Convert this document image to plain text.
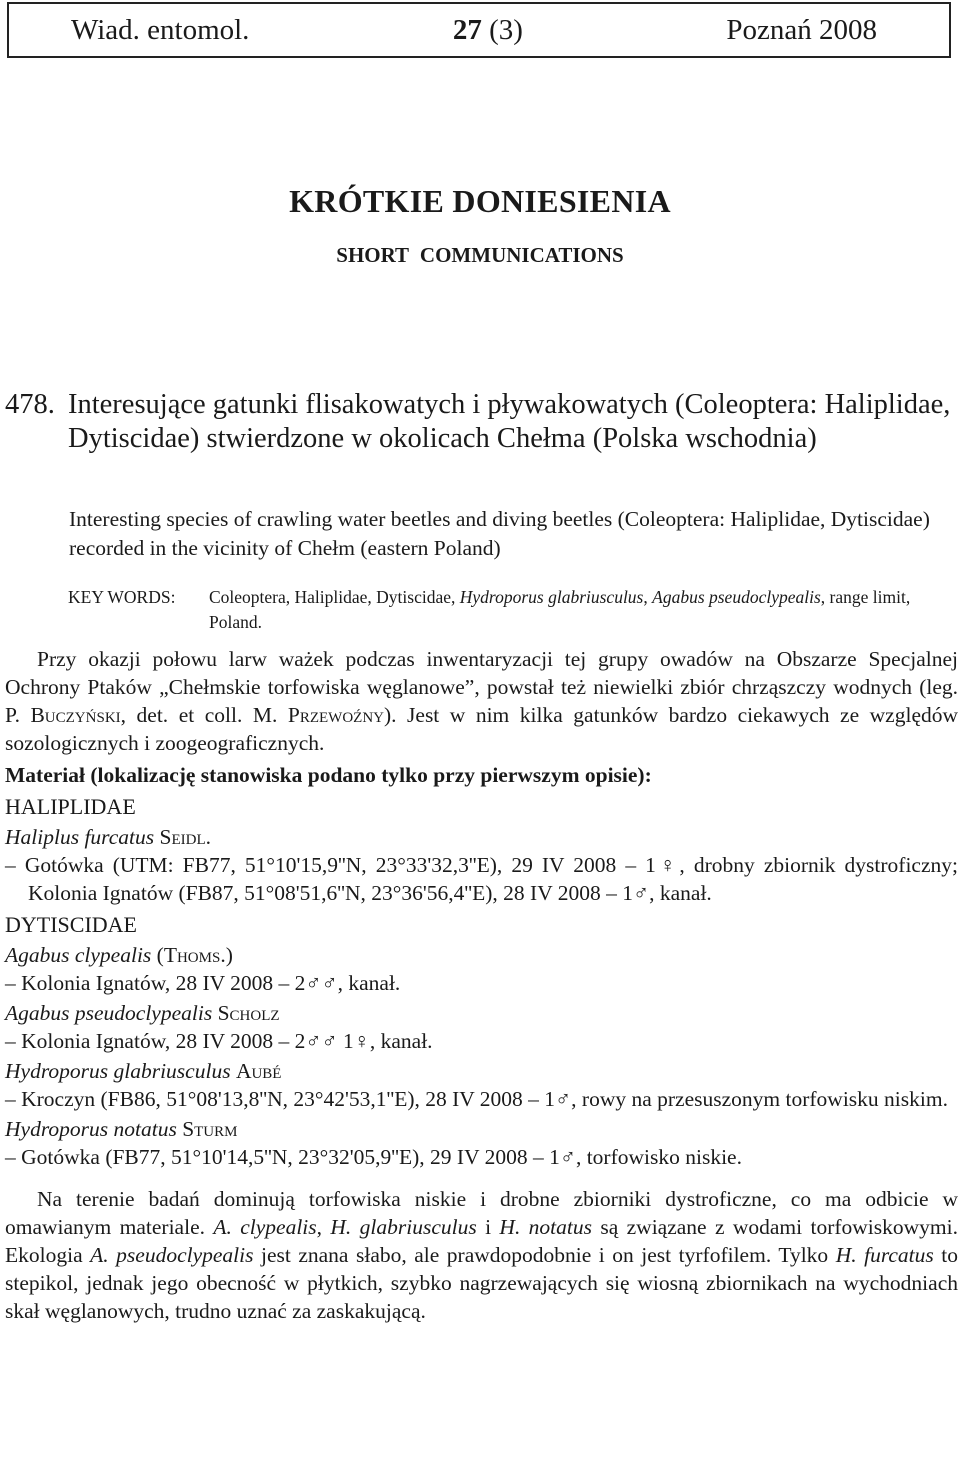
Wiad. entomol.	27 (3)	Poznań 2008
KRÓTKIE DONIESIENIA
SHORT COMMUNICATIONS
478. Interesujące gatunki flisakowatych i pływakowatych (Coleoptera: Haliplidae, Dytiscidae) stwierdzone w okolicach Chełma (Polska wschodnia)
Interesting species of crawling water beetles and diving beetles (Coleoptera: Haliplidae, Dytiscidae) recorded in the vicinity of Chełm (eastern Poland)
KEY WORDS: Coleoptera, Haliplidae, Dytiscidae, Hydroporus glabriusculus, Agabus pseudoclypealis, range limit, Poland.

Przy okazji połowu larw ważek podczas inwentaryzacji tej grupy owadów na Obszarze Specjalnej Ochrony Ptaków „Chełmskie torfowiska węglanowe”, powstał też niewielki zbiór chrząszczy wodnych (leg. P. Buczyński, det. et coll. M. Przewoźny). Jest w nim kilka gatunków bardzo ciekawych ze względów sozologicznych i zoogeograficznych.

Materiał (lokalizację stanowiska podano tylko przy pierwszym opisie):

HALIPLIDAE

Haliplus furcatus Seidl.

– Gotówka (UTM: FB77, 51°10'15,9''N, 23°33'32,3''E), 29 IV 2008 – 1♀, drobny zbiornik dystroficzny; Kolonia Ignatów (FB87, 51°08'51,6''N, 23°36'56,4''E), 28 IV 2008 – 1♂, kanał.

DYTISCIDAE

Agabus clypealis (Thoms.)

– Kolonia Ignatów, 28 IV 2008 – 2♂♂, kanał.

Agabus pseudoclypealis Scholz

– Kolonia Ignatów, 28 IV 2008 – 2♂♂ 1♀, kanał.

Hydroporus glabriusculus Aubé

– Kroczyn (FB86, 51°08'13,8''N, 23°42'53,1''E), 28 IV 2008 – 1♂, rowy na przesuszonym torfowisku niskim.

Hydroporus notatus Sturm

– Gotówka (FB77, 51°10'14,5''N, 23°32'05,9''E), 29 IV 2008 – 1♂, torfowisko niskie.

Na terenie badań dominują torfowiska niskie i drobne zbiorniki dystroficzne, co ma odbicie w omawianym materiale. A. clypealis, H. glabriusculus i H. notatus są związane z wodami torfowiskowymi. Ekologia A. pseudoclypealis jest znana słabo, ale prawdopodobnie i on jest tyrfofilem. Tylko H. furcatus to stepikol, jednak jego obecność w płytkich, szybko nagrzewających się wiosną zbiornikach na wychodniach skał węglanowych, trudno uznać za zaskakującą.
